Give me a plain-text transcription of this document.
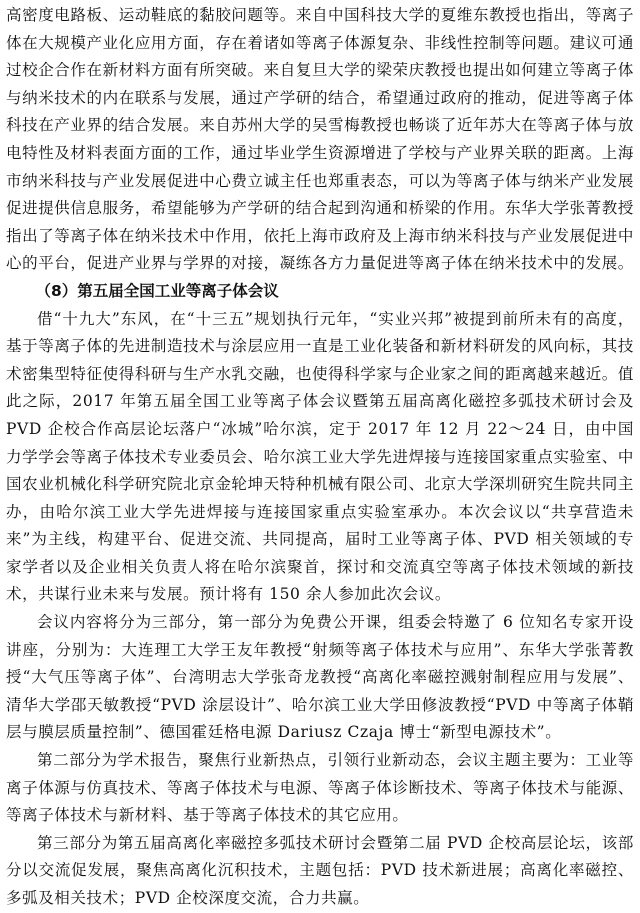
高密度电路板、运动鞋底的黏胶问题等。来自中国科技大学的夏维东教授也指出，等离子体在大规模产业化应用方面，存在着诸如等离子体源复杂、非线性控制等问题。建议可通过校企合作在新材料方面有所突破。来自复旦大学的梁荣庆教授也提出如何建立等离子体与纳米技术的内在联系与发展，通过产学研的结合，希望通过政府的推动，促进等离子体科技在产业界的结合发展。来自苏州大学的吴雪梅教授也畅谈了近年苏大在等离子体与放电特性及材料表面方面的工作，通过毕业学生资源增进了学校与产业界关联的距离。上海市纳米科技与产业发展促进中心费立诚主任也郑重表态，可以为等离子体与纳米产业发展促进提供信息服务，希望能够为产学研的结合起到沟通和桥梁的作用。东华大学张菁教授指出了等离子体在纳米技术中作用，依托上海市政府及上海市纳米科技与产业发展促进中心的平台，促进产业界与学界的对接，凝练各方力量促进等离子体在纳米技术中的发展。

（8）第五届全国工业等离子体会议

借“十九大”东风，在“十三五”规划执行元年，“实业兴邦”被提到前所未有的高度，基于等离子体的先进制造技术与涂层应用一直是工业化装备和新材料研发的风向标，其技术密集型特征使得科研与生产水乳交融，也使得科学家与企业家之间的距离越来越近。值此之际，2017 年第五届全国工业等离子体会议暨第五届高离化磁控多弧技术研讨会及 PVD 企校合作高层论坛落户“冰城”哈尔滨，定于 2017 年 12 月 22～24 日，由中国力学学会等离子体技术专业委员会、哈尔滨工业大学先进焊接与连接国家重点实验室、中国农业机械化科学研究院北京金轮坤天特种机械有限公司、北京大学深圳研究生院共同主办，由哈尔滨工业大学先进焊接与连接国家重点实验室承办。本次会议以“共享营造未来”为主线，构建平台、促进交流、共同提高，届时工业等离子体、PVD 相关领域的专家学者以及企业相关负责人将在哈尔滨聚首，探讨和交流真空等离子体技术领域的新技术，共谋行业未来与发展。预计将有 150 余人参加此次会议。

会议内容将分为三部分，第一部分为免费公开课，组委会特邀了 6 位知名专家开设讲座，分别为：大连理工大学王友年教授“射频等离子体技术与应用”、东华大学张菁教授“大气压等离子体”、台湾明志大学张奇龙教授“高离化率磁控溅射制程应用与发展”、清华大学邵天敏教授“PVD 涂层设计”、哈尔滨工业大学田修波教授“PVD 中等离子体鞘层与膜层质量控制”、德国霍廷格电源 Dariusz Czaja 博士“新型电源技术”。

第二部分为学术报告，聚焦行业新热点，引领行业新动态，会议主题主要为：工业等离子体源与仿真技术、等离子体技术与电源、等离子体诊断技术、等离子体技术与能源、等离子体技术与新材料、基于等离子体技术的其它应用。

第三部分为第五届高离化率磁控多弧技术研讨会暨第二届 PVD 企校高层论坛，该部分以交流促发展，聚焦高离化沉积技术，主题包括：PVD 技术新进展；高离化率磁控、多弧及相关技术；PVD 企校深度交流，合力共赢。
